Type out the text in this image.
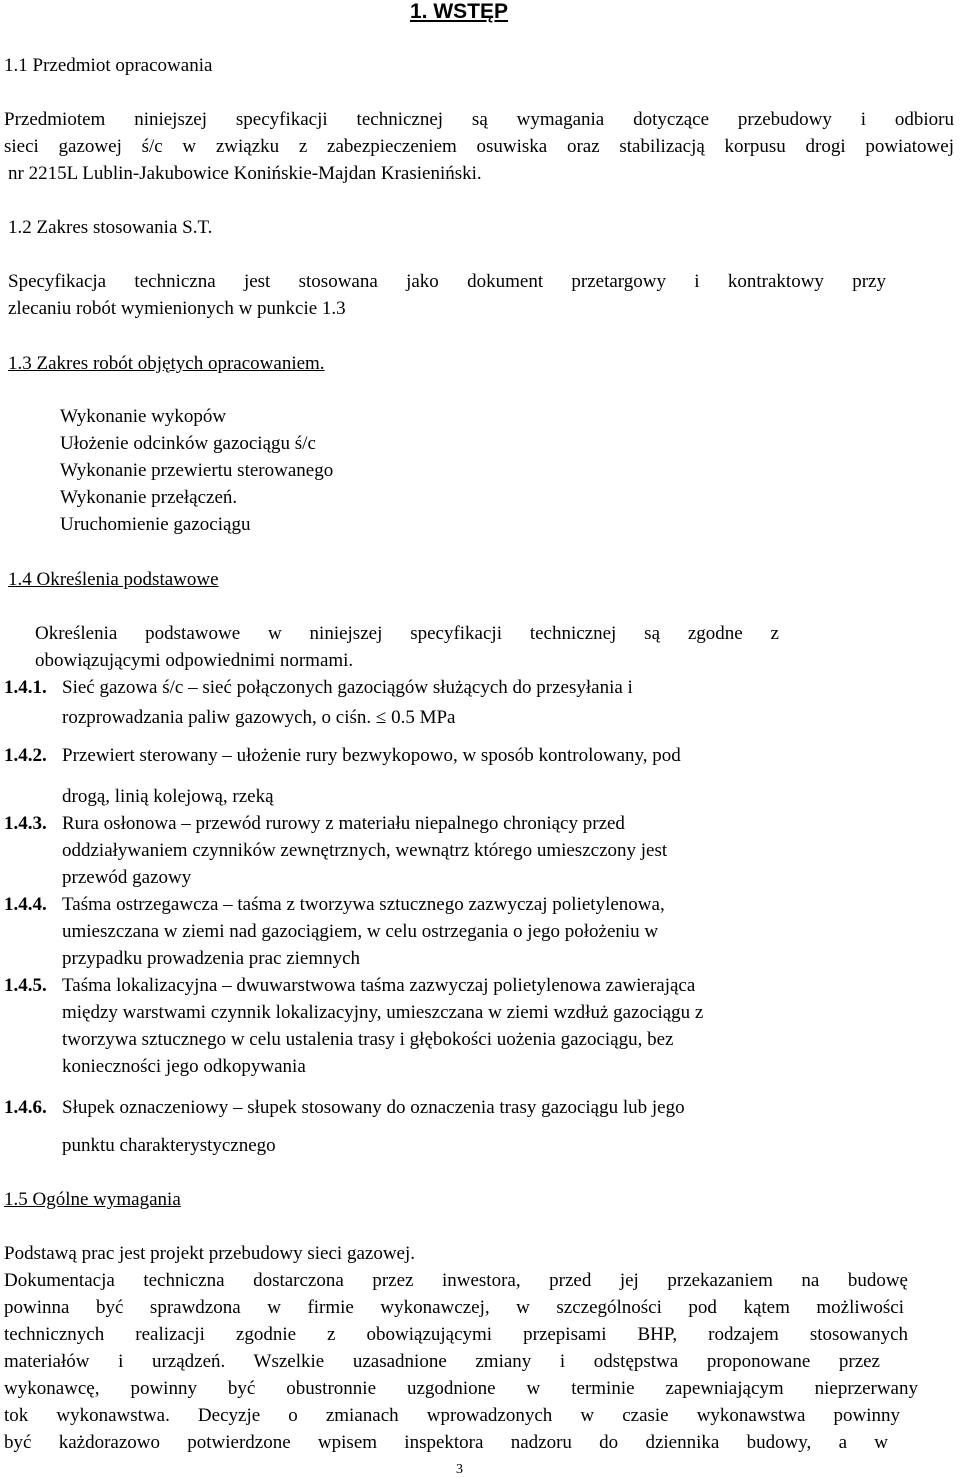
1. WSTĘP
1.1 Przedmiot opracowania
Przedmiotem niniejszej specyfikacji technicznej są wymagania dotyczące przebudowy i odbioru
sieci gazowej ś/c w związku z zabezpieczeniem osuwiska oraz stabilizacją korpusu drogi powiatowej
nr 2215L Lublin-Jakubowice Konińskie-Majdan Krasieniński.
1.2 Zakres stosowania S.T.
Specyfikacja techniczna jest stosowana jako dokument przetargowy i kontraktowy przy
zlecaniu robót wymienionych w punkcie 1.3
1.3 Zakres robót objętych opracowaniem.
Wykonanie wykopów
Ułożenie odcinków gazociągu ś/c
Wykonanie przewiertu sterowanego
Wykonanie przełączeń.
Uruchomienie gazociągu
1.4 Określenia podstawowe
Określenia podstawowe w niniejszej specyfikacji technicznej są zgodne z
obowiązującymi odpowiednimi normami.
1.4.1. Sieć gazowa ś/c – sieć połączonych gazociągów służących do przesyłania i
rozprowadzania paliw gazowych, o ciśn. ≤ 0.5 MPa
1.4.2. Przewiert sterowany – ułożenie rury bezwykopowo, w sposób kontrolowany, pod
drogą, linią kolejową, rzeką
1.4.3. Rura osłonowa – przewód rurowy z materiału niepalnego chroniący przed
oddziaływaniem czynników zewnętrznych, wewnątrz którego umieszczony jest
przewód gazowy
1.4.4. Taśma ostrzegawcza – taśma z tworzywa sztucznego zazwyczaj polietylenowa,
umieszczana w ziemi nad gazociągiem, w celu ostrzegania o jego położeniu w
przypadku prowadzenia prac ziemnych
1.4.5. Taśma lokalizacyjna – dwuwarstwowa taśma zazwyczaj polietylenowa zawierająca
między warstwami czynnik lokalizacyjny, umieszczana w ziemi wzdłuż gazociągu z
tworzywa sztucznego w celu ustalenia trasy i głębokości uożenia gazociągu, bez
konieczności jego odkopywania
1.4.6. Słupek oznaczeniowy – słupek stosowany do oznaczenia trasy gazociągu lub jego
punktu charakterystycznego
1.5 Ogólne wymagania
Podstawą prac jest projekt przebudowy sieci gazowej.
Dokumentacja techniczna dostarczona przez inwestora, przed jej przekazaniem na budowę
powinna być sprawdzona w firmie wykonawczej, w szczególności pod kątem możliwości
technicznych realizacji zgodnie z obowiązującymi przepisami BHP, rodzajem stosowanych
materiałów i urządzeń. Wszelkie uzasadnione zmiany i odstępstwa proponowane przez
wykonawcę, powinny być obustronnie uzgodnione w terminie zapewniającym nieprzerwany
tok wykonawstwa. Decyzje o zmianach wprowadzonych w czasie wykonawstwa powinny
być każdorazowo potwierdzone wpisem inspektora nadzoru do dziennika budowy, a w
3
